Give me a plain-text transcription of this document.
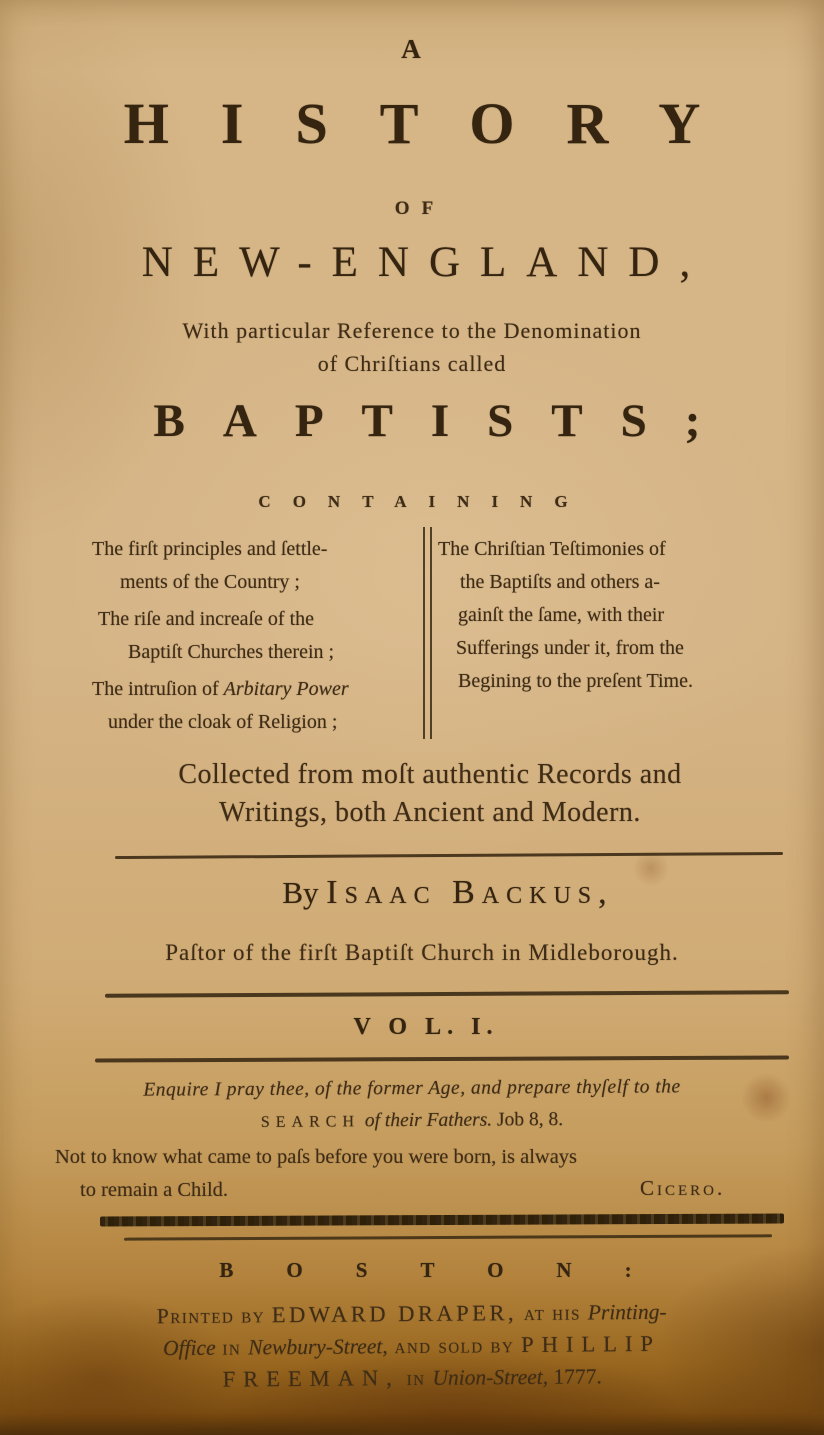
A
HISTORY
OF
NEW-ENGLAND,
With particular Reference to the Denomination
of Chriſtians called
BAPTISTS;
CONTAINING
The firſt principles and ſettle-
ments of the Country ;
The riſe and increaſe of the
Baptiſt Churches therein ;
The intruſion of Arbitary Power
under the cloak of Religion ;
The Chriſtian Teſtimonies of
the Baptiſts and others a-
gainſt the ſame, with their
Sufferings under it, from the
Begining to the preſent Time.
Collected from moſt authentic Records and
Writings, both Ancient and Modern.
By Isaac Backus,
Paſtor of the firſt Baptiſt Church in Midleborough.
V O L. I.
Enquire I pray thee, of the former Age, and prepare thyſelf to the
SEARCH of their Fathers. Job 8, 8.
Not to know what came to paſs before you were born, is always
to remain a Child.	Cicero.
BOSTON:
Printed by EDWARD DRAPER, at his Printing-
Office in Newbury-Street, and sold by PHILLIP
FREEMAN, in Union-Street, 1777.
